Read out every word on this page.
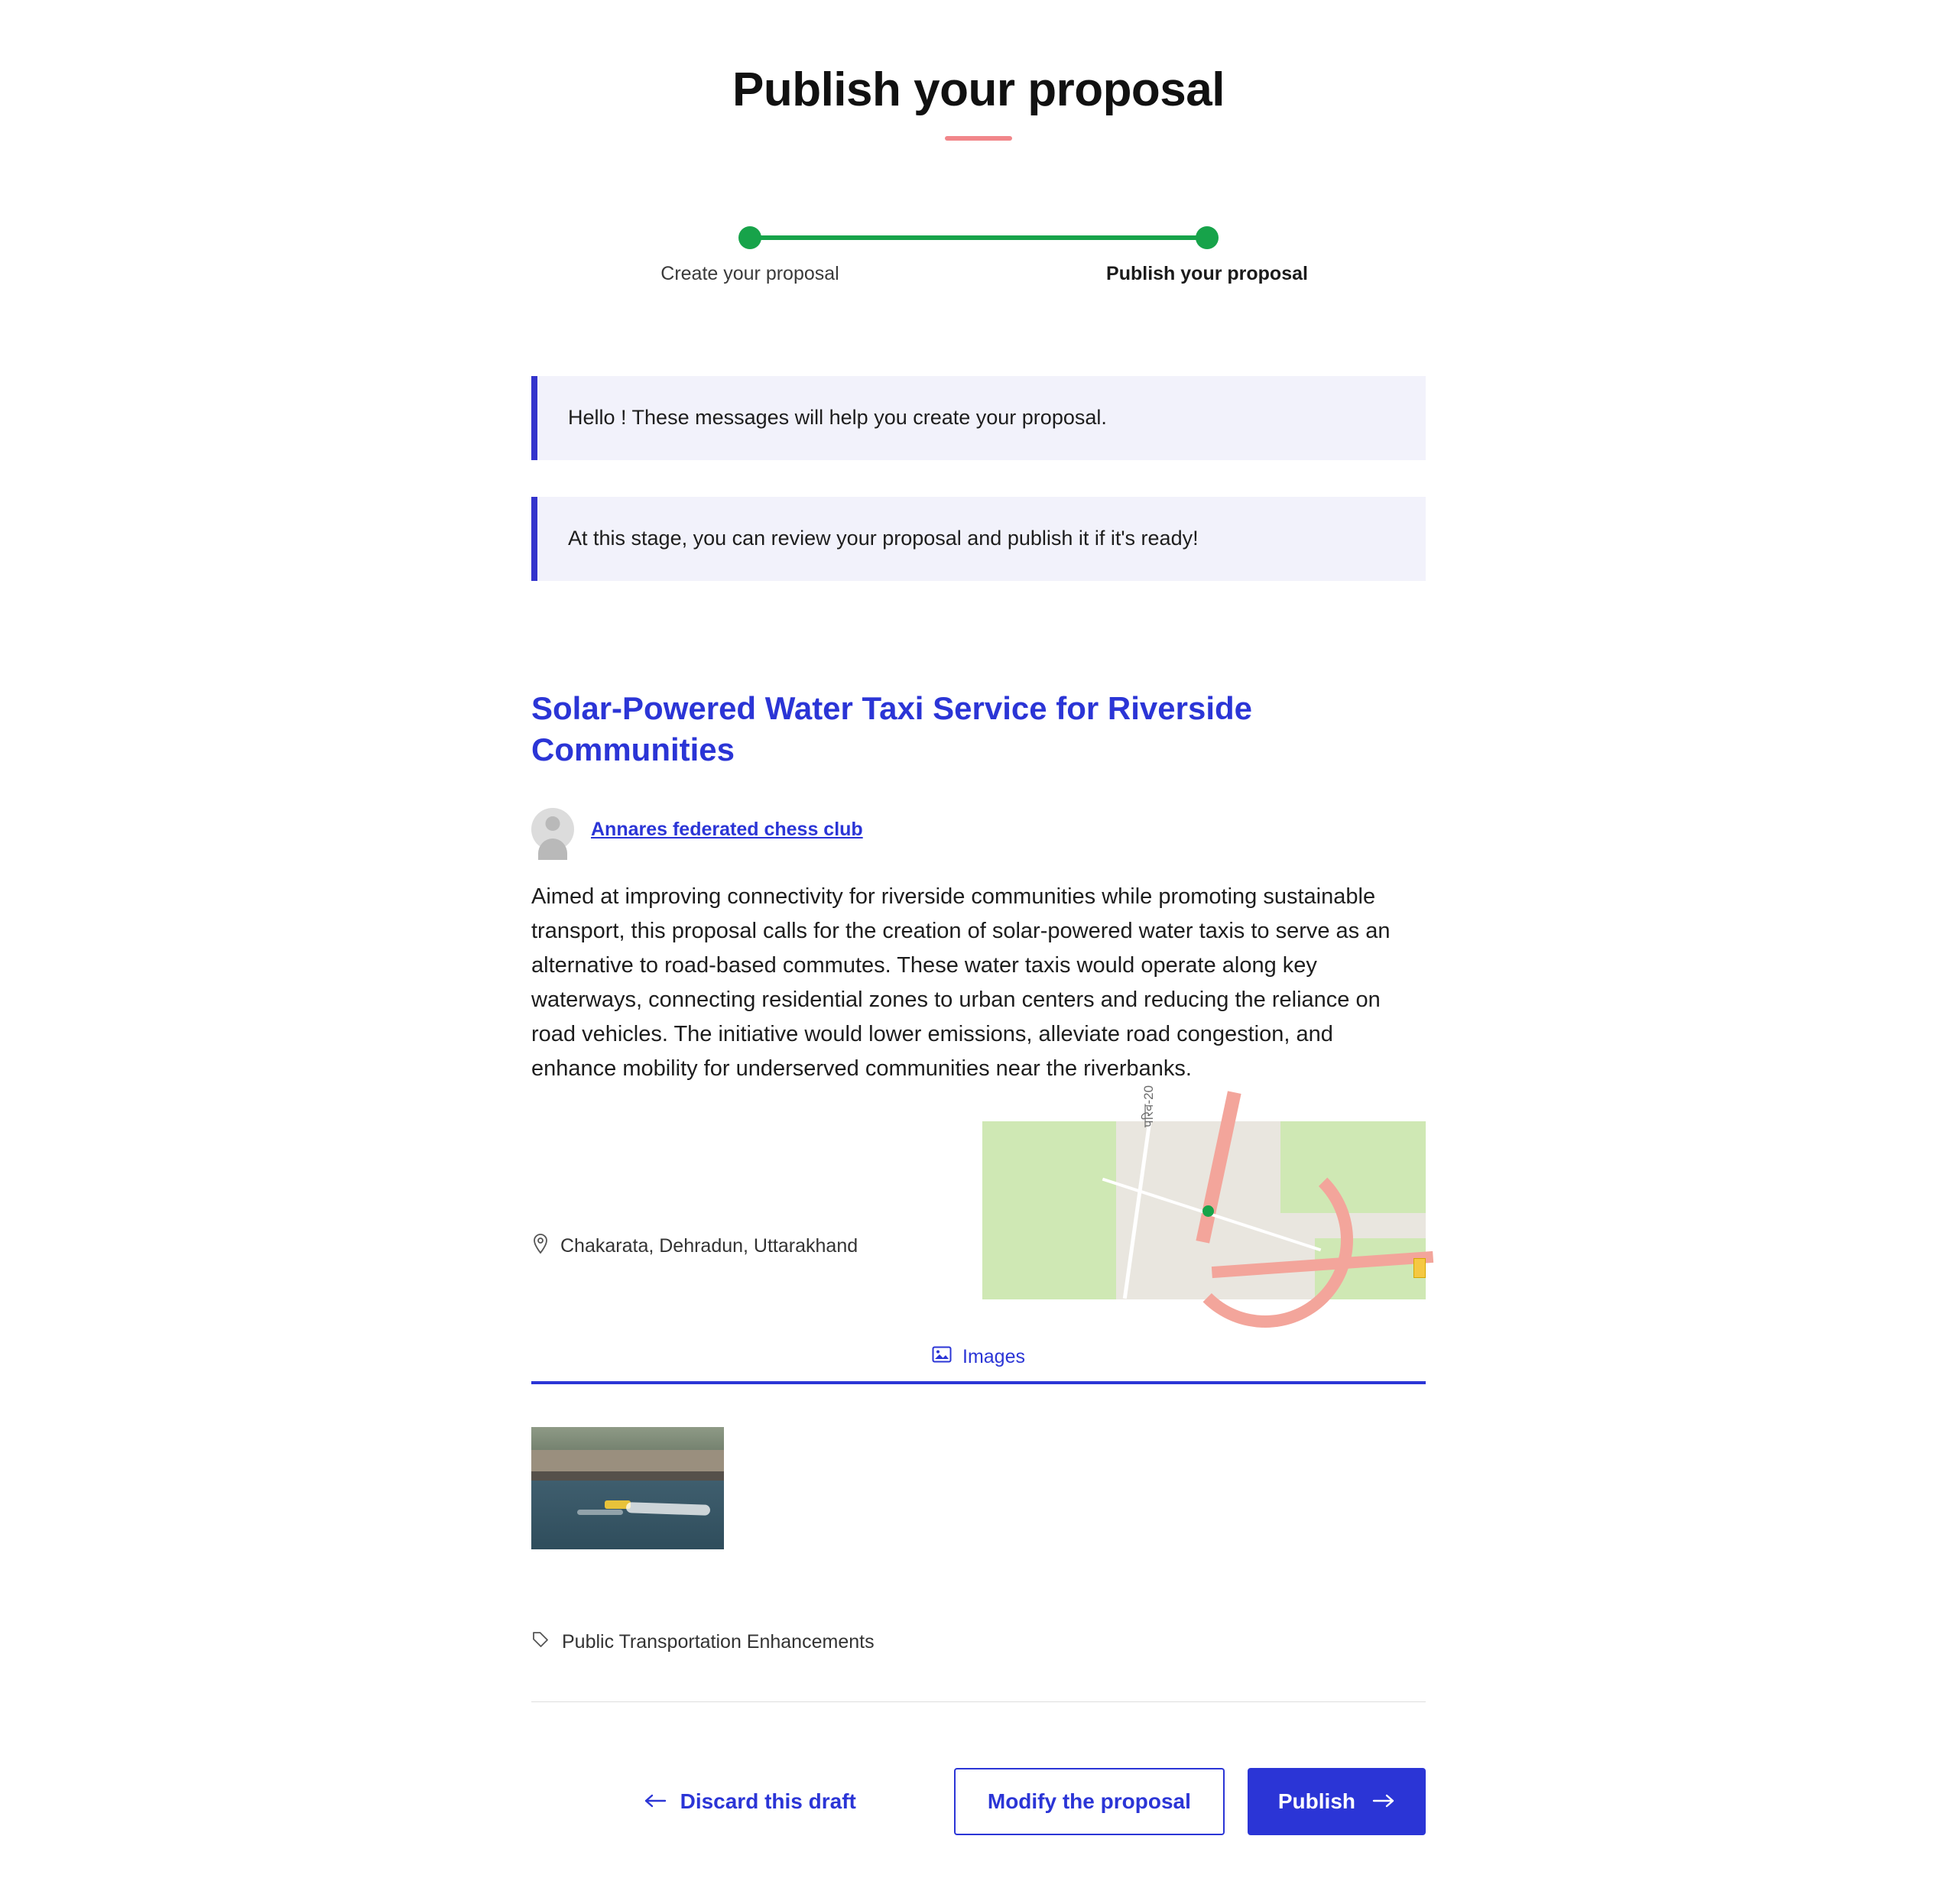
Publish your proposal
Create your proposal	Publish your proposal
Hello ! These messages will help you create your proposal.
At this stage, you can review your proposal and publish it if it's ready!
Solar-Powered Water Taxi Service for Riverside Communities
Annares federated chess club
Aimed at improving connectivity for riverside communities while promoting sustainable transport, this proposal calls for the creation of solar-powered water taxis to serve as an alternative to road-based commutes. These water taxis would operate along key waterways, connecting residential zones to urban centers and reducing the reliance on road vehicles. The initiative would lower emissions, alleviate road congestion, and enhance mobility for underserved communities near the riverbanks.
Chakarata, Dehradun, Uttarakhand
परिव-20
Images
Public Transportation Enhancements
Discard this draft	Modify the proposal	Publish
